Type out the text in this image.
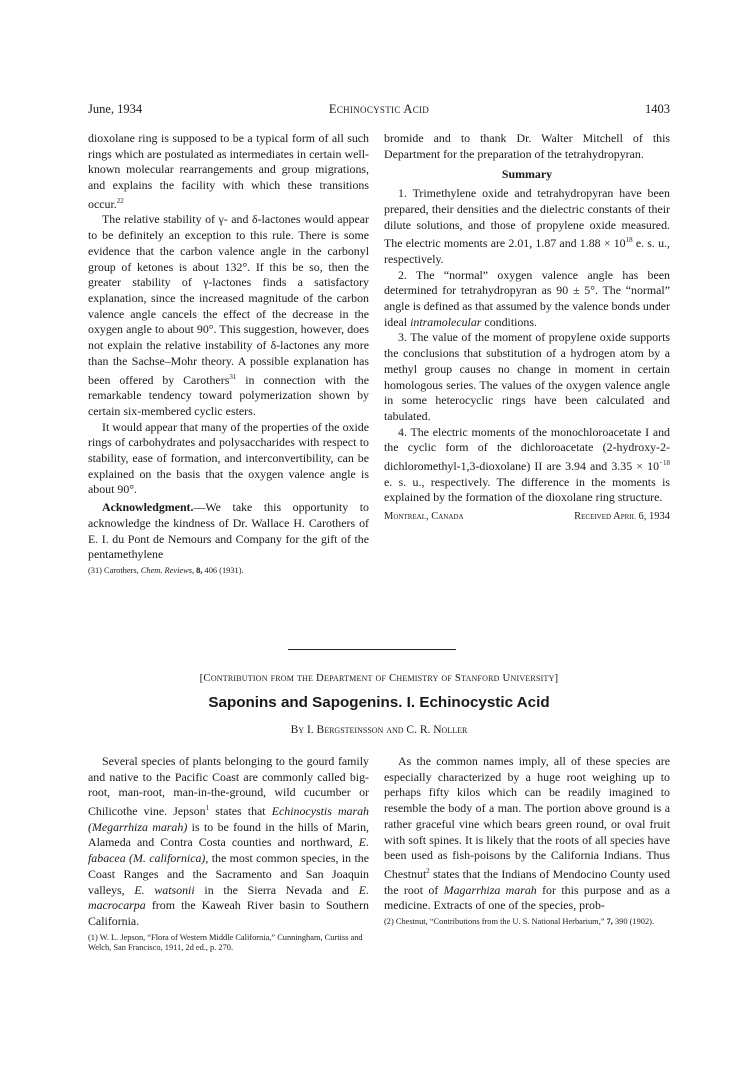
Echinocystic Acid
June, 1934	1403

dioxolane ring is supposed to be a typical form of all such rings which are postulated as intermediates in certain well-known molecular rearrangements and group migrations, and explains the facility with which these transitions occur.$^{22}$

The relative stability of γ- and δ-lactones would appear to be definitely an exception to this rule. There is some evidence that the carbon valence angle in the carbonyl group of ketones is about 132°. If this be so, then the greater stability of γ-lactones finds a satisfactory explanation, since the increased magnitude of the carbon valence angle cancels the effect of the decrease in the oxygen angle to about 90°. This suggestion, however, does not explain the relative instability of δ-lactones any more than the Sachse–Mohr theory. A possible explanation has been offered by Carothers$^{31}$ in connection with the remarkable tendency toward polymerization shown by certain six-membered cyclic esters.

It would appear that many of the properties of the oxide rings of carbohydrates and polysaccharides with respect to stability, ease of formation, and interconvertibility, can be explained on the basis that the oxygen valence angle is about 90°.

Acknowledgment.—We take this opportunity to acknowledge the kindness of Dr. Wallace H. Carothers of E. I. du Pont de Nemours and Company for the gift of the pentamethylene

(31) Carothers, Chem. Reviews, 8, 406 (1931).

bromide and to thank Dr. Walter Mitchell of this Department for the preparation of the tetrahydropyran.

Summary

1. Trimethylene oxide and tetrahydropyran have been prepared, their densities and the dielectric constants of their dilute solutions, and those of propylene oxide measured. The electric moments are 2.01, 1.87 and $1.88 \times 10^{18}$ e. s. u., respectively.

2. The “normal” oxygen valence angle has been determined for tetrahydropyran as 90 ± 5°. The “normal” angle is defined as that assumed by the valence bonds under ideal intramolecular conditions.

3. The value of the moment of propylene oxide supports the conclusions that substitution of a hydrogen atom by a methyl group causes no change in moment in certain homologous series. The values of the oxygen valence angle in some heterocyclic rings have been calculated and tabulated.

4. The electric moments of the monochloroacetate I and the cyclic form of the dichloroacetate (2-hydroxy-2-dichloromethyl-1,3-dioxolane) II are 3.94 and $3.35 \times 10^{-18}$ e. s. u., respectively. The difference in the moments is explained by the formation of the dioxolane ring structure.

Montreal, Canada	Received April 6, 1934
[Contribution from the Department of Chemistry of Stanford University]
Saponins and Sapogenins. I. Echinocystic Acid
By I. Bergsteinsson and C. R. Noller

Several species of plants belonging to the gourd family and native to the Pacific Coast are commonly called big-root, man-root, man-in-the-ground, wild cucumber or Chilicothe vine. Jepson$^1$ states that Echinocystis marah (Megarrhiza marah) is to be found in the hills of Marin, Alameda and Contra Costa counties and northward, E. fabacea (M. californica), the most common species, in the Coast Ranges and the Sacramento and San Joaquin valleys, E. watsonii in the Sierra Nevada and E. macrocarpa from the Kaweah River basin to Southern California.

(1) W. L. Jepson, “Flora of Western Middle California,” Cunningham, Curtiss and Welch, San Francisco, 1911, 2d ed., p. 270.

As the common names imply, all of these species are especially characterized by a huge root weighing up to perhaps fifty kilos which can be readily imagined to resemble the body of a man. The portion above ground is a rather graceful vine which bears green round, or oval fruit with soft spines. It is likely that the roots of all species have been used as fish-poisons by the California Indians. Thus Chestnut$^2$ states that the Indians of Mendocino County used the root of Magarrhiza marah for this purpose and as a medicine. Extracts of one of the species, prob-

(2) Chestnut, “Contributions from the U. S. National Herbarium,” 7, 390 (1902).
